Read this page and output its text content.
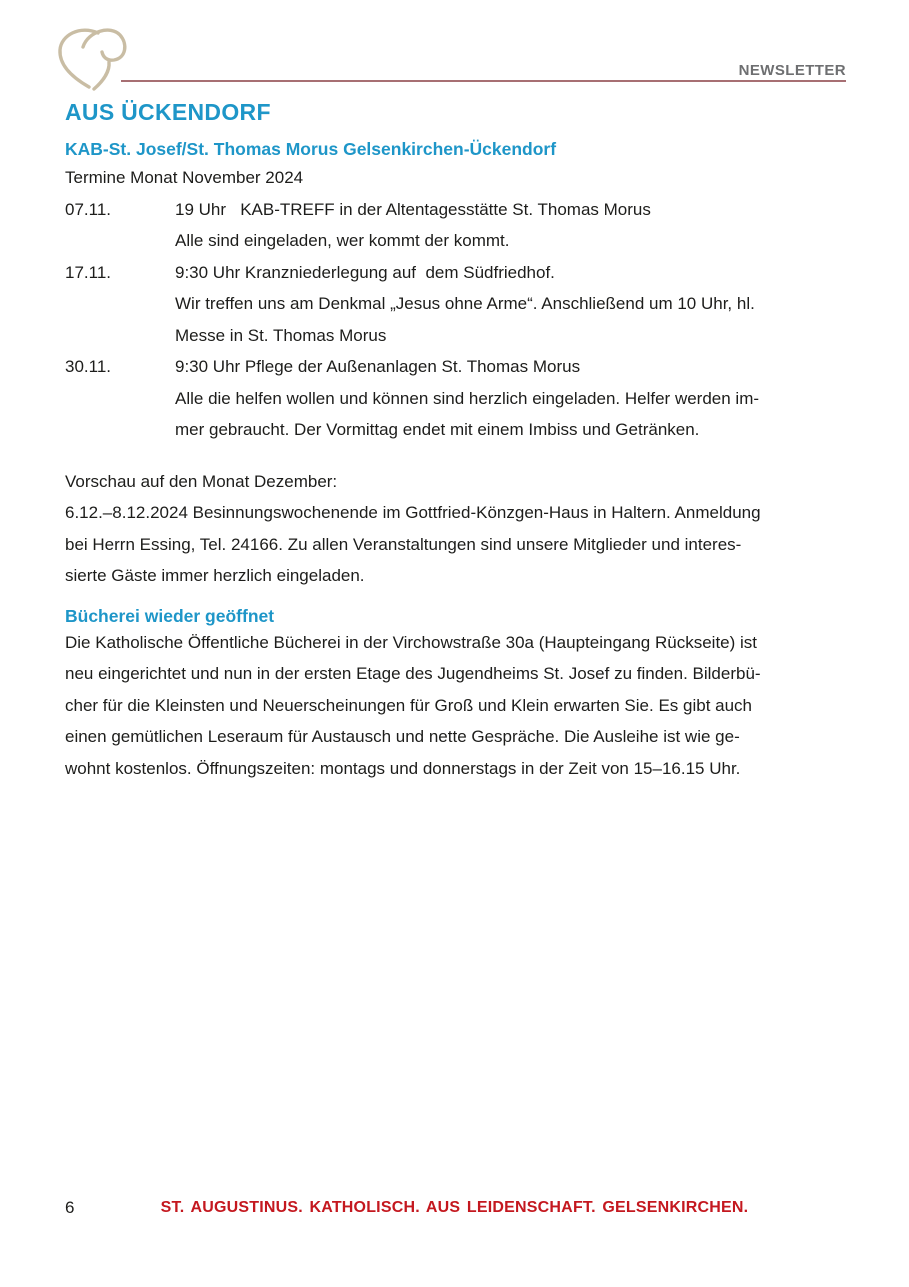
NEWSLETTER
AUS ÜCKENDORF
KAB-St. Josef/St. Thomas Morus Gelsenkirchen-Ückendorf
Termine Monat November 2024
07.11.	19 Uhr   KAB-TREFF in der Altentagesstätte St. Thomas Morus
Alle sind eingeladen, wer kommt der kommt.
17.11.	9:30 Uhr Kranzniederlegung auf  dem Südfriedhof.
Wir treffen uns am Denkmal „Jesus ohne Arme“. Anschließend um 10 Uhr, hl.
Messe in St. Thomas Morus
30.11.	9:30 Uhr Pflege der Außenanlagen St. Thomas Morus
Alle die helfen wollen und können sind herzlich eingeladen. Helfer werden im-
mer gebraucht. Der Vormittag endet mit einem Imbiss und Getränken.
Vorschau auf den Monat Dezember:
6.12.–8.12.2024 Besinnungswochenende im Gottfried-Könzgen-Haus in Haltern. Anmeldung
bei Herrn Essing, Tel. 24166. Zu allen Veranstaltungen sind unsere Mitglieder und interes-
sierte Gäste immer herzlich eingeladen.
Bücherei wieder geöffnet
Die Katholische Öffentliche Bücherei in der Virchowstraße 30a (Haupteingang Rückseite) ist
neu eingerichtet und nun in der ersten Etage des Jugendheims St. Josef zu finden. Bilderbü-
cher für die Kleinsten und Neuerscheinungen für Groß und Klein erwarten Sie. Es gibt auch
einen gemütlichen Leseraum für Austausch und nette Gespräche. Die Ausleihe ist wie ge-
wohnt kostenlos. Öffnungszeiten: montags und donnerstags in der Zeit von 15–16.15 Uhr.
6	ST. AUGUSTINUS. KATHOLISCH. AUS LEIDENSCHAFT. GELSENKIRCHEN.
